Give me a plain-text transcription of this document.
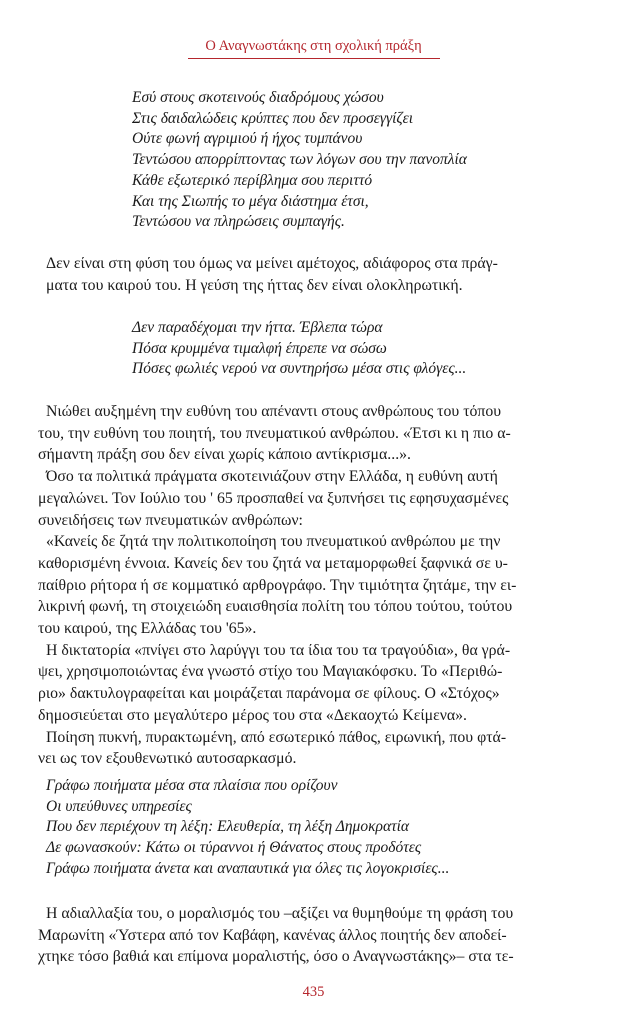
Ο Αναγνωστάκης στη σχολική πράξη
Εσύ στους σκοτεινούς διαδρόμους χώσου
Στις δαιδαλώδεις κρύπτες που δεν προσεγγίζει
Ούτε φωνή αγριμιού ή ήχος τυμπάνου
Τεντώσου απορρίπτοντας των λόγων σου την πανοπλία
Κάθε εξωτερικό περίβλημα σου περιττό
Και της Σιωπής το μέγα διάστημα έτσι,
Τεντώσου να πληρώσεις συμπαγής.
Δεν είναι στη φύση του όμως να μείνει αμέτοχος, αδιάφορος στα πράγ-
ματα του καιρού του. Η γεύση της ήττας δεν είναι ολοκληρωτική.
Δεν παραδέχομαι την ήττα. Έβλεπα τώρα
Πόσα κρυμμένα τιμαλφή έπρεπε να σώσω
Πόσες φωλιές νερού να συντηρήσω μέσα στις φλόγες...
Νιώθει αυξημένη την ευθύνη του απέναντι στους ανθρώπους του τόπου
του, την ευθύνη του ποιητή, του πνευματικού ανθρώπου. «Έτσι κι η πιο α-
σήμαντη πράξη σου δεν είναι χωρίς κάποιο αντίκρισμα...».
Όσο τα πολιτικά πράγματα σκοτεινιάζουν στην Ελλάδα, η ευθύνη αυτή
μεγαλώνει. Τον Ιούλιο του ' 65 προσπαθεί να ξυπνήσει τις εφησυχασμένες
συνειδήσεις των πνευματικών ανθρώπων:
«Κανείς δε ζητά την πολιτικοποίηση του πνευματικού ανθρώπου με την
καθορισμένη έννοια. Κανείς δεν του ζητά να μεταμορφωθεί ξαφνικά σε υ-
παίθριο ρήτορα ή σε κομματικό αρθρογράφο. Την τιμιότητα ζητάμε, την ει-
λικρινή φωνή, τη στοιχειώδη ευαισθησία πολίτη του τόπου τούτου, τούτου
του καιρού, της Ελλάδας του '65».
Η δικτατορία «πνίγει στο λαρύγγι του τα ίδια του τα τραγούδια», θα γρά-
ψει, χρησιμοποιώντας ένα γνωστό στίχο του Μαγιακόφσκυ. Το «Περιθώ-
ριο» δακτυλογραφείται και μοιράζεται παράνομα σε φίλους. Ο «Στόχος»
δημοσιεύεται στο μεγαλύτερο μέρος του στα «Δεκαοχτώ Κείμενα».
Ποίηση πυκνή, πυρακτωμένη, από εσωτερικό πάθος, ειρωνική, που φτά-
νει ως τον εξουθενωτικό αυτοσαρκασμό.
Γράφω ποιήματα μέσα στα πλαίσια που ορίζουν
Οι υπεύθυνες υπηρεσίες
Που δεν περιέχουν τη λέξη: Ελευθερία, τη λέξη Δημοκρατία
Δε φωνασκούν: Κάτω οι τύραννοι ή Θάνατος στους προδότες
Γράφω ποιήματα άνετα και αναπαυτικά για όλες τις λογοκρισίες...
Η αδιαλλαξία του, ο μοραλισμός του –αξίζει να θυμηθούμε τη φράση του
Μαρωνίτη «Ύστερα από τον Καβάφη, κανένας άλλος ποιητής δεν αποδεί-
χτηκε τόσο βαθιά και επίμονα μοραλιστής, όσο ο Αναγνωστάκης»– στα τε-
435
